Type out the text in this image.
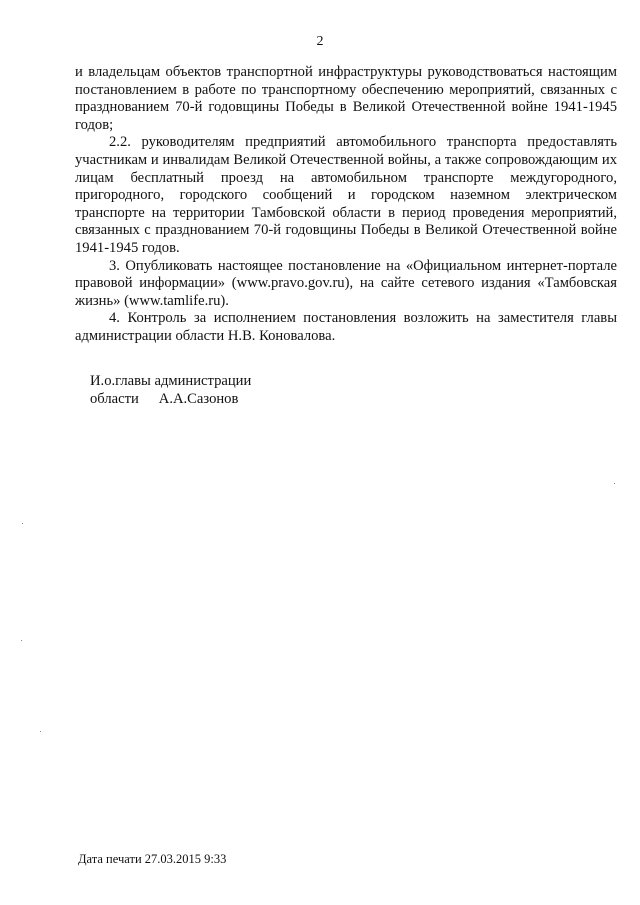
2

и владельцам объектов транспортной инфраструктуры руководствоваться настоящим постановлением в работе по транспортному обеспечению мероприятий, связанных с празднованием 70-й годовщины Победы в Великой Отечественной войне 1941-1945 годов;

2.2. руководителям предприятий автомобильного транспорта предоставлять участникам и инвалидам Великой Отечественной войны, а также сопровождающим их лицам бесплатный проезд на автомобильном транспорте междугородного, пригородного, городского сообщений и городском наземном электрическом транспорте на территории Тамбовской области в период проведения мероприятий, связанных с празднованием 70-й годовщины Победы в Великой Отечественной войне 1941-1945 годов.

3. Опубликовать настоящее постановление на «Официальном интернет-портале правовой информации» (www.pravo.gov.ru), на сайте сетевого издания «Тамбовская жизнь» (www.tamlife.ru).

4. Контроль за исполнением постановления возложить на заместителя главы администрации области Н.В. Коновалова.

И.о.главы администрации
области А.А.Сазонов
Дата печати 27.03.2015 9:33
